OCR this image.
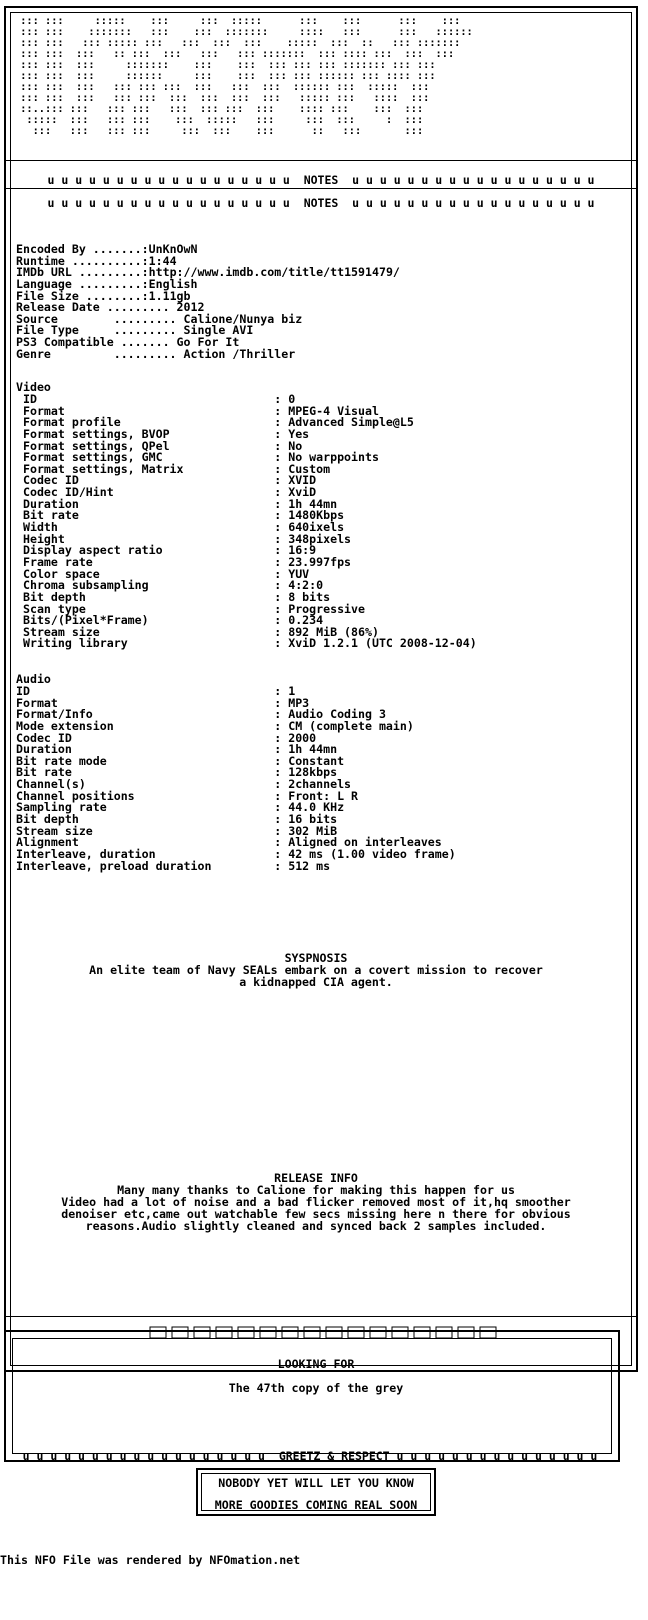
::: :::     :::::    :::     :::  :::::      :::    :::      :::    :::
::: :::    :::::::   :::    :::  :::::::     ::::   :::      :::   ::::::
::: :::   ::: ::::: :::   :::  :::  :::    :::::  :::  ::   ::: :::::::
::: :::  :::   :: :::  :::   :::   ::: :::::::  ::: :::: :::  :::  :::
::: :::  :::     :::::::    :::    :::  ::: ::: ::: ::::::: ::: :::
::: :::  :::     ::::::     :::    :::  ::: ::: :::::: ::: :::: :::
::: :::  :::   ::: ::: :::  :::   :::  :::  :::::: :::  :::::  :::
::: :::  :::   ::: :::  :::  :::  :::  :::   ::::: :::   ::::  :::
::..::: :::   ::: :::   :::  ::: :::  :::    :::: :::    :::  :::
:::::  :::   ::: :::    :::  :::::   :::     :::  :::     :  :::
:::   :::   ::: :::     :::  :::    :::      ::   :::       :::
u u u u u u u u u u u u u u u u u u  NOTES  u u u u u u u u u u u u u u u u u u
u u u u u u u u u u u u u u u u u u  NOTES  u u u u u u u u u u u u u u u u u u
Encoded By .......: UnKnOwN
Runtime ..........: 1:44
IMDb URL .........: http://www.imdb.com/title/tt1591479/
Language .........: English
File Size ........: 1.11gb
Release Date ......... 2012
Source        ......... Calione/Nunya biz
File Type     ......... Single AVI
PS3 Compatible ....... Go For It
Genre         ......... Action /Thriller
Video
ID	: 0
Format	: MPEG-4 Visual
Format profile	: Advanced Simple@L5
Format settings, BVOP	: Yes
Format settings, QPel	: No
Format settings, GMC	: No warppoints
Format settings, Matrix	: Custom
Codec ID	: XVID
Codec ID/Hint	: XviD
Duration	: 1h 44mn
Bit rate	: 1480Kbps
Width	: 640ixels
Height	: 348pixels
Display aspect ratio	: 16:9
Frame rate	: 23.997fps
Color space	: YUV
Chroma subsampling	: 4:2:0
Bit depth	: 8 bits
Scan type	: Progressive
Bits/(Pixel*Frame)	: 0.234
Stream size	: 892 MiB (86%)
Writing library	: XviD 1.2.1 (UTC 2008-12-04)
Audio
ID	: 1
Format	: MP3
Format/Info	: Audio Coding 3
Mode extension	: CM (complete main)
Codec ID	: 2000
Duration	: 1h 44mn
Bit rate mode	: Constant
Bit rate	: 128kbps
Channel(s)	: 2channels
Channel positions	: Front: L R
Sampling rate	: 44.0 KHz
Bit depth	: 16 bits
Stream size	: 302 MiB
Alignment	: Aligned on interleaves
Interleave, duration	: 42 ms (1.00 video frame)
Interleave, preload duration	: 512 ms
SYSPNOSIS
An elite team of Navy SEALs embark on a covert mission to recover
a kidnapped CIA agent.
RELEASE INFO
Many many thanks to Calione for making this happen for us
Video had a lot of noise and a bad flicker removed most of it,hq smoother
denoiser etc,came out watchable few secs missing here n there for obvious
reasons.Audio slightly cleaned and synced back 2 samples included.
LOOKING FOR
The 47th copy of the grey
u u u u u u u u u u u u u u u u u u  GREETZ & RESPECT u u u u u u u u u u u u u u u
NOBODY YET WILL LET YOU KNOW
MORE GOODIES COMING REAL SOON
This NFO File was rendered by NFOmation.net
